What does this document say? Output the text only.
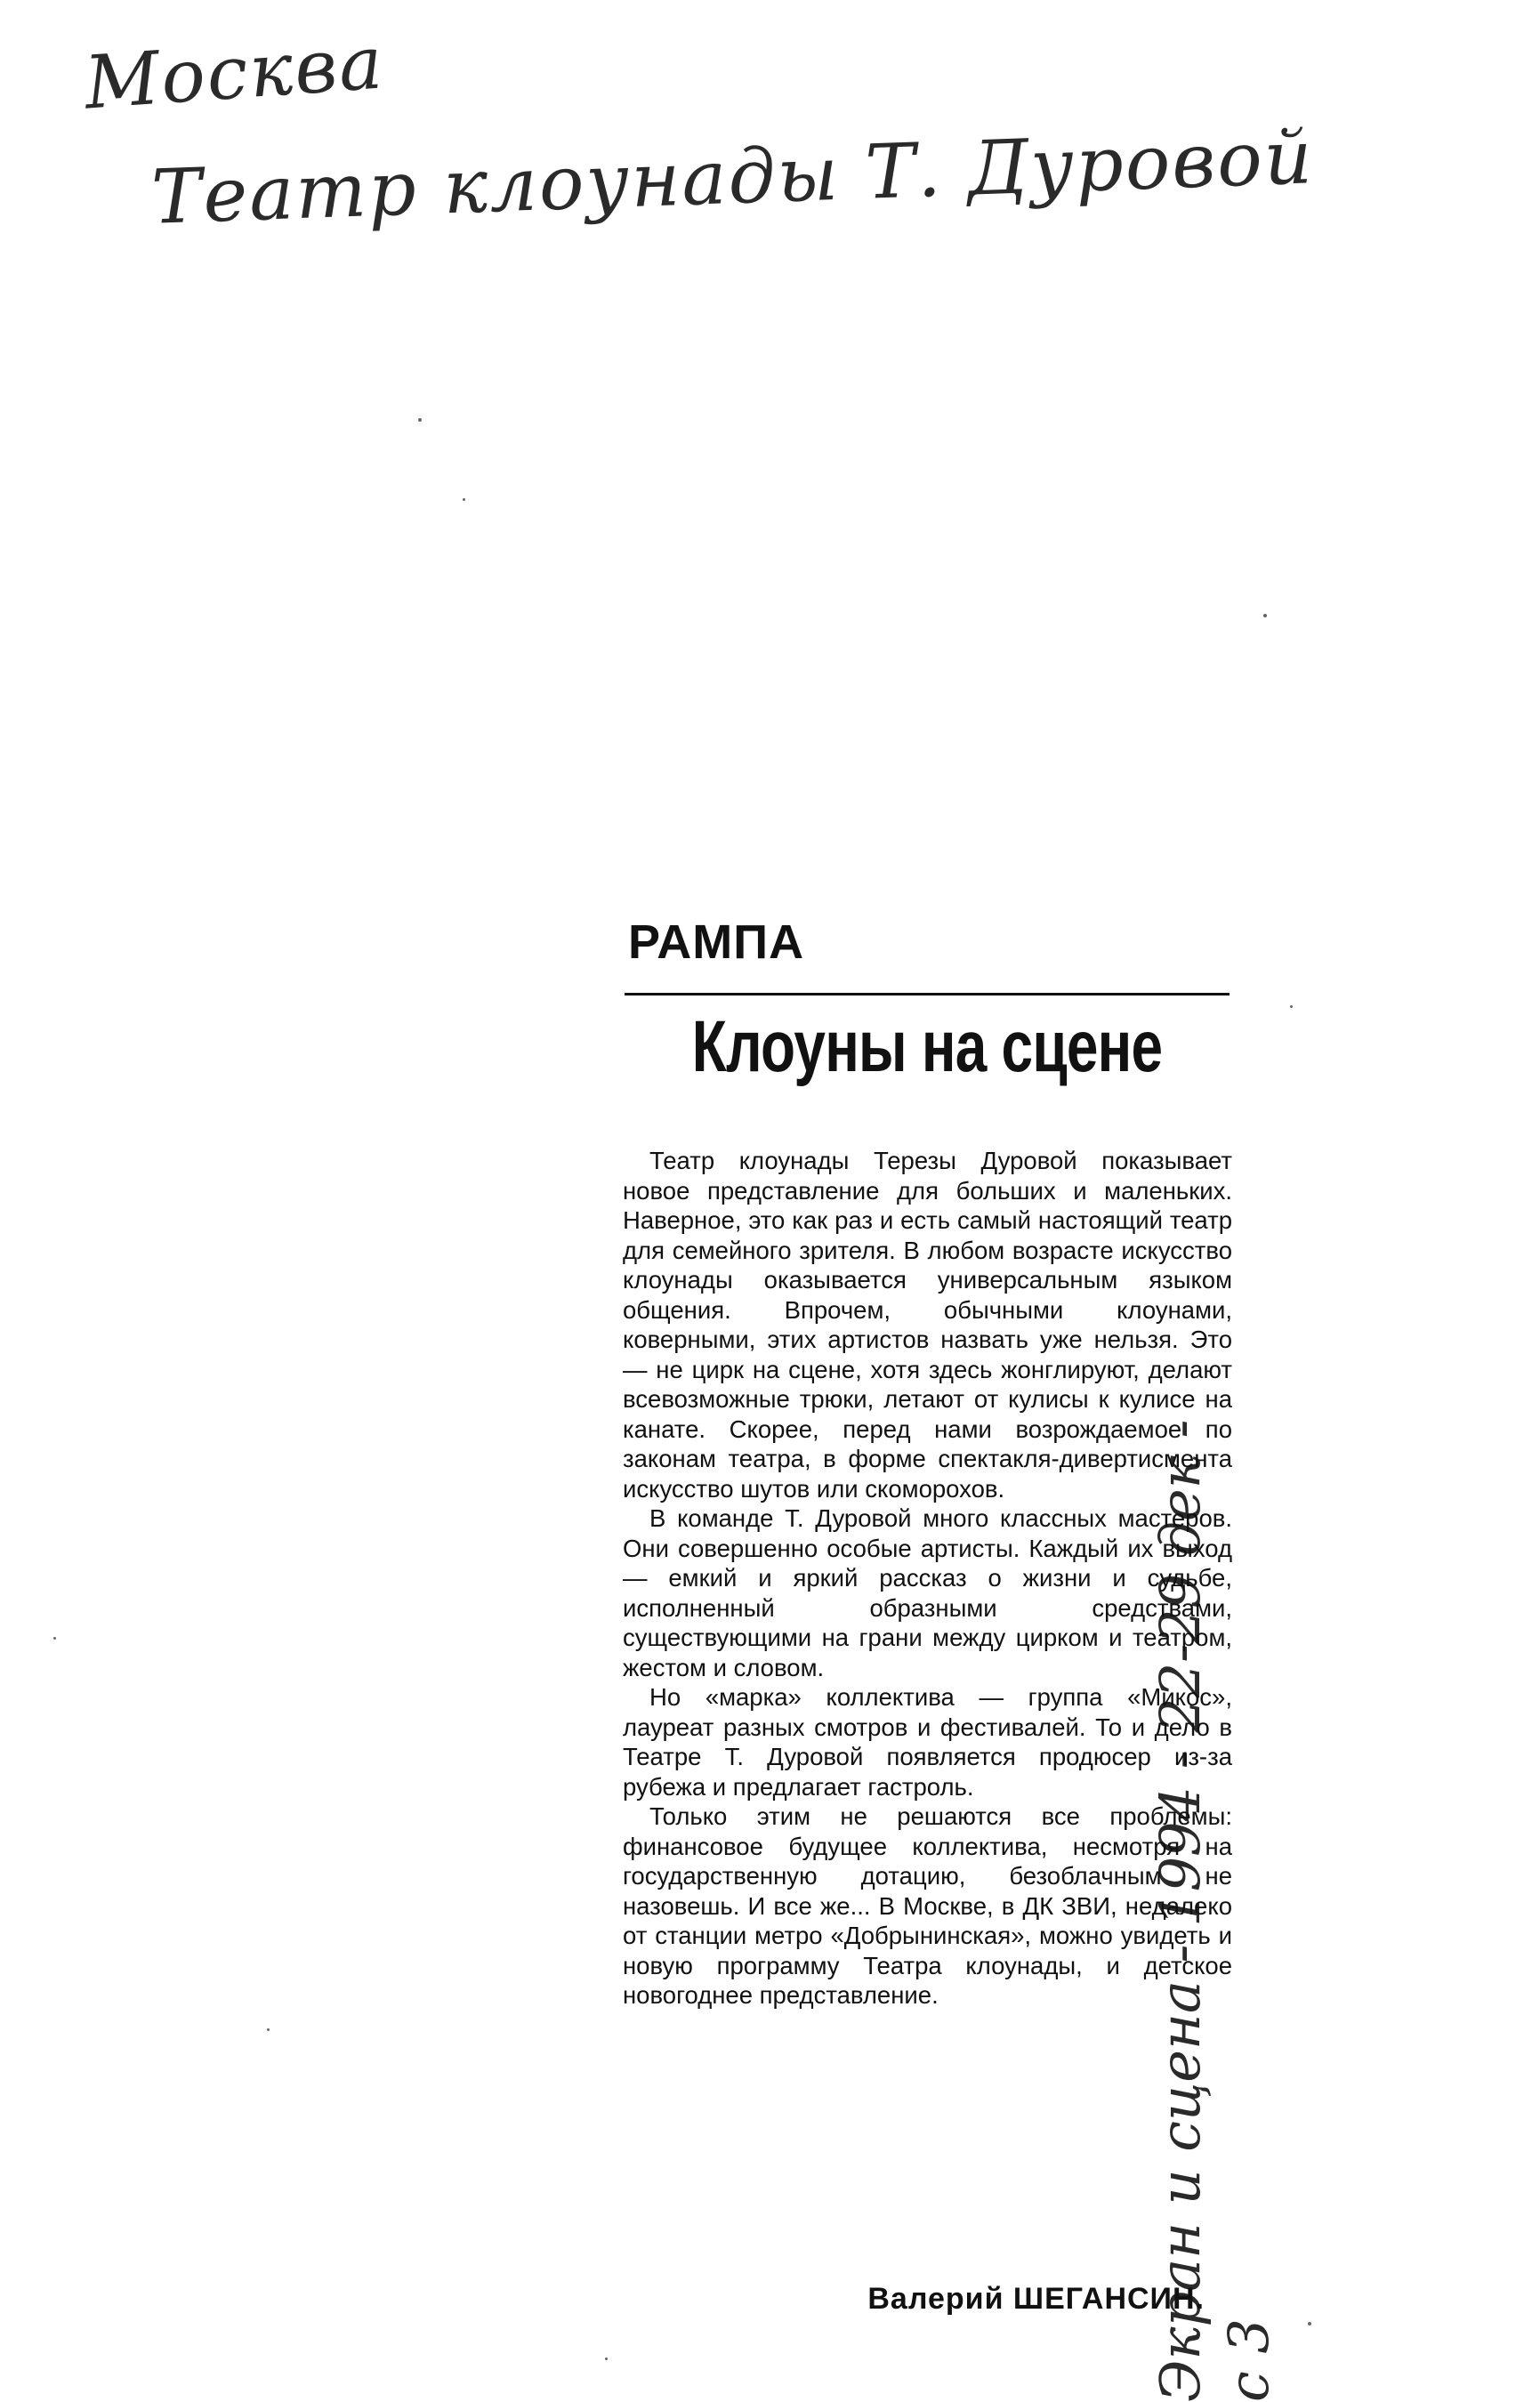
Москва
Театр клоунады Т. Дуровой
Экран и сцена - 1994 - 22-29 дек - с 3
РАМПА
Клоуны на сцене

Театр клоунады Терезы Дуровой показывает новое представление для больших и маленьких. Наверное, это как раз и есть самый настоящий театр для семейного зрителя. В любом возрасте искусство клоунады оказывается универсальным языком общения. Впрочем, обычными клоунами, коверными, этих артистов назвать уже нельзя. Это — не цирк на сцене, хотя здесь жонглируют, делают всевозможные трюки, летают от кулисы к кулисе на канате. Скорее, перед нами возрождаемое по законам театра, в форме спектакля-дивертисмента искусство шутов или скоморохов.

В команде Т. Дуровой много классных мастеров. Они совершенно особые артисты. Каждый их выход — емкий и яркий рассказ о жизни и судьбе, исполненный образными средствами, существующими на грани между цирком и театром, жестом и словом.

Но «марка» коллектива — группа «Микос», лауреат разных смотров и фестивалей. То и дело в Театре Т. Дуровой появляется продюсер из-за рубежа и предлагает гастроль.

Только этим не решаются все проблемы: финансовое будущее коллектива, несмотря на государственную дотацию, безоблачным не назовешь. И все же... В Москве, в ДК ЗВИ, недалеко от станции метро «Добрынинская», можно увидеть и новую программу Театра клоунады, и детское новогоднее представление.

Валерий ШЕГАНСИН.
